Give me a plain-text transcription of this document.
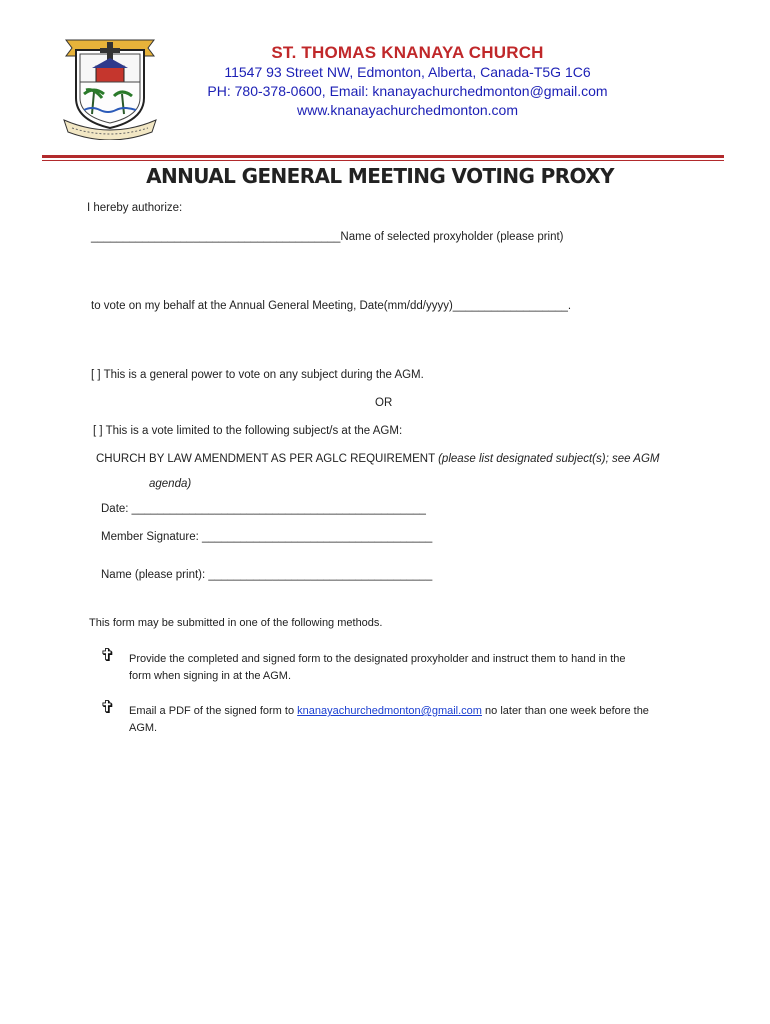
ST. THOMAS KNANAYA CHURCH
11547 93 Street NW, Edmonton, Alberta, Canada-T5G 1C6
PH: 780-378-0600, Email: knanayachurchedmonton@gmail.com
www.knanayachurchedmonton.com
ANNUAL GENERAL MEETING VOTING PROXY
I hereby authorize:
_______________________________________Name of selected proxyholder (please print)
to vote on my behalf at the Annual General Meeting, Date(mm/dd/yyyy)__________________.
[ ] This is a general power to vote on any subject during the AGM.
OR
[ ] This is a vote limited to the following subject/s at the AGM:
CHURCH BY LAW AMENDMENT AS PER AGLC REQUIREMENT (please list designated subject(s); see AGM
agenda)
Date: ______________________________________________
Member Signature: ____________________________________
Name (please print): ___________________________________
This form may be submitted in one of the following methods.
✞ Provide the completed and signed form to the designated proxyholder and instruct them to hand in the
form when signing in at the AGM.
✞ Email a PDF of the signed form to knanayachurchedmonton@gmail.com no later than one week before the
AGM.
